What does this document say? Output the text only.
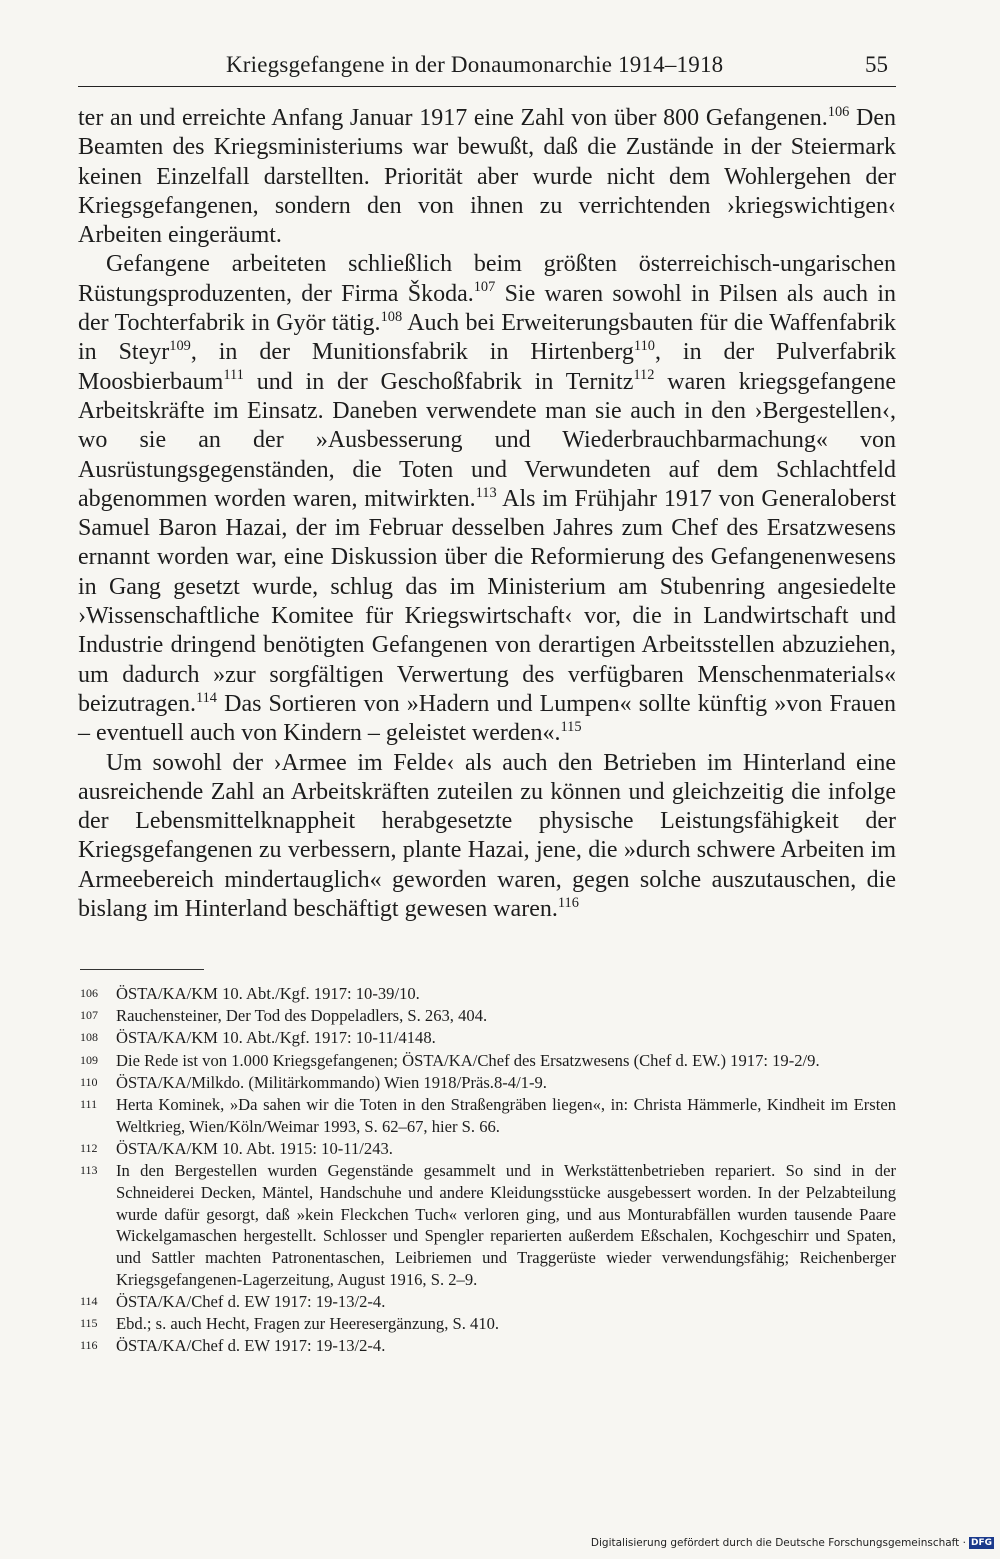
Kriegsgefangene in der Donaumonarchie 1914–1918	55

ter an und erreichte Anfang Januar 1917 eine Zahl von über 800 Gefangenen.$^{106}$ Den Beamten des Kriegsministeriums war bewußt, daß die Zustände in der Steiermark keinen Einzelfall darstellten. Priorität aber wurde nicht dem Wohlergehen der Kriegsgefangenen, sondern den von ihnen zu verrichtenden ›kriegswichtigen‹ Arbeiten eingeräumt.

Gefangene arbeiteten schließlich beim größten österreichisch-ungarischen Rüstungsproduzenten, der Firma Škoda.$^{107}$ Sie waren sowohl in Pilsen als auch in der Tochterfabrik in Györ tätig.$^{108}$ Auch bei Erweiterungsbauten für die Waffenfabrik in Steyr$^{109}$, in der Munitionsfabrik in Hirtenberg$^{110}$, in der Pulverfabrik Moosbierbaum$^{111}$ und in der Geschoßfabrik in Ternitz$^{112}$ waren kriegsgefangene Arbeitskräfte im Einsatz. Daneben verwendete man sie auch in den ›Bergestellen‹, wo sie an der »Ausbesserung und Wiederbrauchbarmachung« von Ausrüstungsgegenständen, die Toten und Verwundeten auf dem Schlachtfeld abgenommen worden waren, mitwirkten.$^{113}$ Als im Frühjahr 1917 von Generaloberst Samuel Baron Hazai, der im Februar desselben Jahres zum Chef des Ersatzwesens ernannt worden war, eine Diskussion über die Reformierung des Gefangenenwesens in Gang gesetzt wurde, schlug das im Ministerium am Stubenring angesiedelte ›Wissenschaftliche Komitee für Kriegswirtschaft‹ vor, die in Landwirtschaft und Industrie dringend benötigten Gefangenen von derartigen Arbeitsstellen abzuziehen, um dadurch »zur sorgfältigen Verwertung des verfügbaren Menschenmaterials« beizutragen.$^{114}$ Das Sortieren von »Hadern und Lumpen« sollte künftig »von Frauen – eventuell auch von Kindern – geleistet werden«.$^{115}$

Um sowohl der ›Armee im Felde‹ als auch den Betrieben im Hinterland eine ausreichende Zahl an Arbeitskräften zuteilen zu können und gleichzeitig die infolge der Lebensmittelknappheit herabgesetzte physische Leistungsfähigkeit der Kriegsgefangenen zu verbessern, plante Hazai, jene, die »durch schwere Arbeiten im Armeebereich mindertauglich« geworden waren, gegen solche auszutauschen, die bislang im Hinterland beschäftigt gewesen waren.$^{116}$

106 ÖSTA/KA/KM 10. Abt./Kgf. 1917: 10-39/10.
107 Rauchensteiner, Der Tod des Doppeladlers, S. 263, 404.
108 ÖSTA/KA/KM 10. Abt./Kgf. 1917: 10-11/4148.
109 Die Rede ist von 1.000 Kriegsgefangenen; ÖSTA/KA/Chef des Ersatzwesens (Chef d. EW.) 1917: 19-2/9.
110 ÖSTA/KA/Milkdo. (Militärkommando) Wien 1918/Präs.8-4/1-9.
111 Herta Kominek, »Da sahen wir die Toten in den Straßengräben liegen«, in: Christa Hämmerle, Kindheit im Ersten Weltkrieg, Wien/Köln/Weimar 1993, S. 62–67, hier S. 66.
112 ÖSTA/KA/KM 10. Abt. 1915: 10-11/243.
113 In den Bergestellen wurden Gegenstände gesammelt und in Werkstättenbetrieben repariert. So sind in der Schneiderei Decken, Mäntel, Handschuhe und andere Kleidungsstücke ausgebessert worden. In der Pelzabteilung wurde dafür gesorgt, daß »kein Fleckchen Tuch« verloren ging, und aus Monturabfällen wurden tausende Paare Wickelgamaschen hergestellt. Schlosser und Spengler reparierten außerdem Eßschalen, Kochgeschirr und Spaten, und Sattler machten Patronentaschen, Leibriemen und Traggerüste wieder verwendungsfähig; Reichenberger Kriegsgefangenen-Lagerzeitung, August 1916, S. 2–9.
114 ÖSTA/KA/Chef d. EW 1917: 19-13/2-4.
115 Ebd.; s. auch Hecht, Fragen zur Heeresergänzung, S. 410.
116 ÖSTA/KA/Chef d. EW 1917: 19-13/2-4.
Digitalisierung gefördert durch die Deutsche Forschungsgemeinschaft · DFG
